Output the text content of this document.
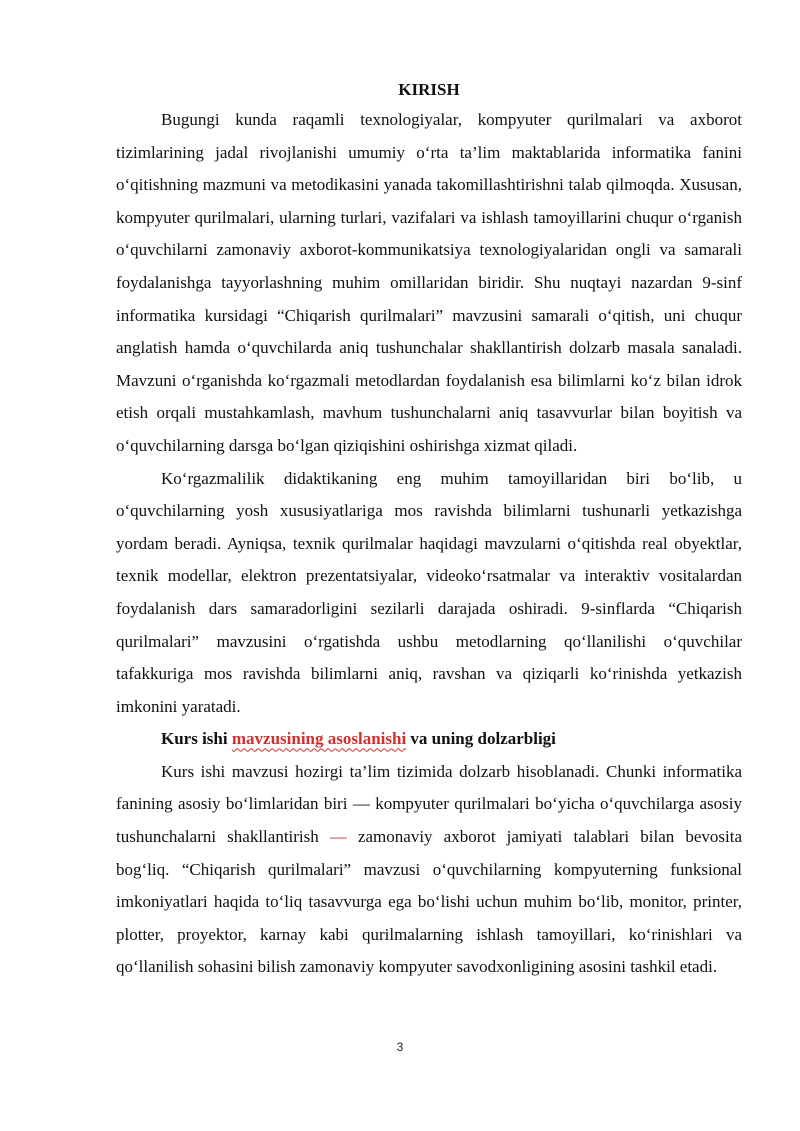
KIRISH

Bugungi kunda raqamli texnologiyalar, kompyuter qurilmalari va axborot tizimlarining jadal rivojlanishi umumiy o‘rta ta’lim maktablarida informatika fanini o‘qitishning mazmuni va metodikasini yanada takomillashtirishni talab qilmoqda. Xususan, kompyuter qurilmalari, ularning turlari, vazifalari va ishlash tamoyillarini chuqur o‘rganish o‘quvchilarni zamonaviy axborot-kommunikatsiya texnologiyalaridan ongli va samarali foydalanishga tayyorlashning muhim omillaridan biridir. Shu nuqtayi nazardan 9-sinf informatika kursidagi “Chiqarish qurilmalari” mavzusini samarali o‘qitish, uni chuqur anglatish hamda o‘quvchilarda aniq tushunchalar shakllantirish dolzarb masala sanaladi. Mavzuni o‘rganishda ko‘rgazmali metodlardan foydalanish esa bilimlarni ko‘z bilan idrok etish orqali mustahkamlash, mavhum tushunchalarni aniq tasavvurlar bilan boyitish va o‘quvchilarning darsga bo‘lgan qiziqishini oshirishga xizmat qiladi.

Ko‘rgazmalilik didaktikaning eng muhim tamoyillaridan biri bo‘lib, u o‘quvchilarning yosh xususiyatlariga mos ravishda bilimlarni tushunarli yetkazishga yordam beradi. Ayniqsa, texnik qurilmalar haqidagi mavzularni o‘qitishda real obyektlar, texnik modellar, elektron prezentatsiyalar, videoko‘rsatmalar va interaktiv vositalardan foydalanish dars samaradorligini sezilarli darajada oshiradi. 9-sinflarda “Chiqarish qurilmalari” mavzusini o‘rgatishda ushbu metodlarning qo‘llanilishi o‘quvchilar tafakkuriga mos ravishda bilimlarni aniq, ravshan va qiziqarli ko‘rinishda yetkazish imkonini yaratadi.

Kurs ishi mavzusining asoslanishi va uning dolzarbligi

Kurs ishi mavzusi hozirgi ta’lim tizimida dolzarb hisoblanadi. Chunki informatika fanining asosiy bo‘limlaridan biri — kompyuter qurilmalari bo‘yicha o‘quvchilarga asosiy tushunchalarni shakllantirish — zamonaviy axborot jamiyati talablari bilan bevosita bog‘liq. “Chiqarish qurilmalari” mavzusi o‘quvchilarning kompyuterning funksional imkoniyatlari haqida to‘liq tasavvurga ega bo‘lishi uchun muhim bo‘lib, monitor, printer, plotter, proyektor, karnay kabi qurilmalarning ishlash tamoyillari, ko‘rinishlari va qo‘llanilish sohasini bilish zamonaviy kompyuter savodxonligining asosini tashkil etadi.

3
